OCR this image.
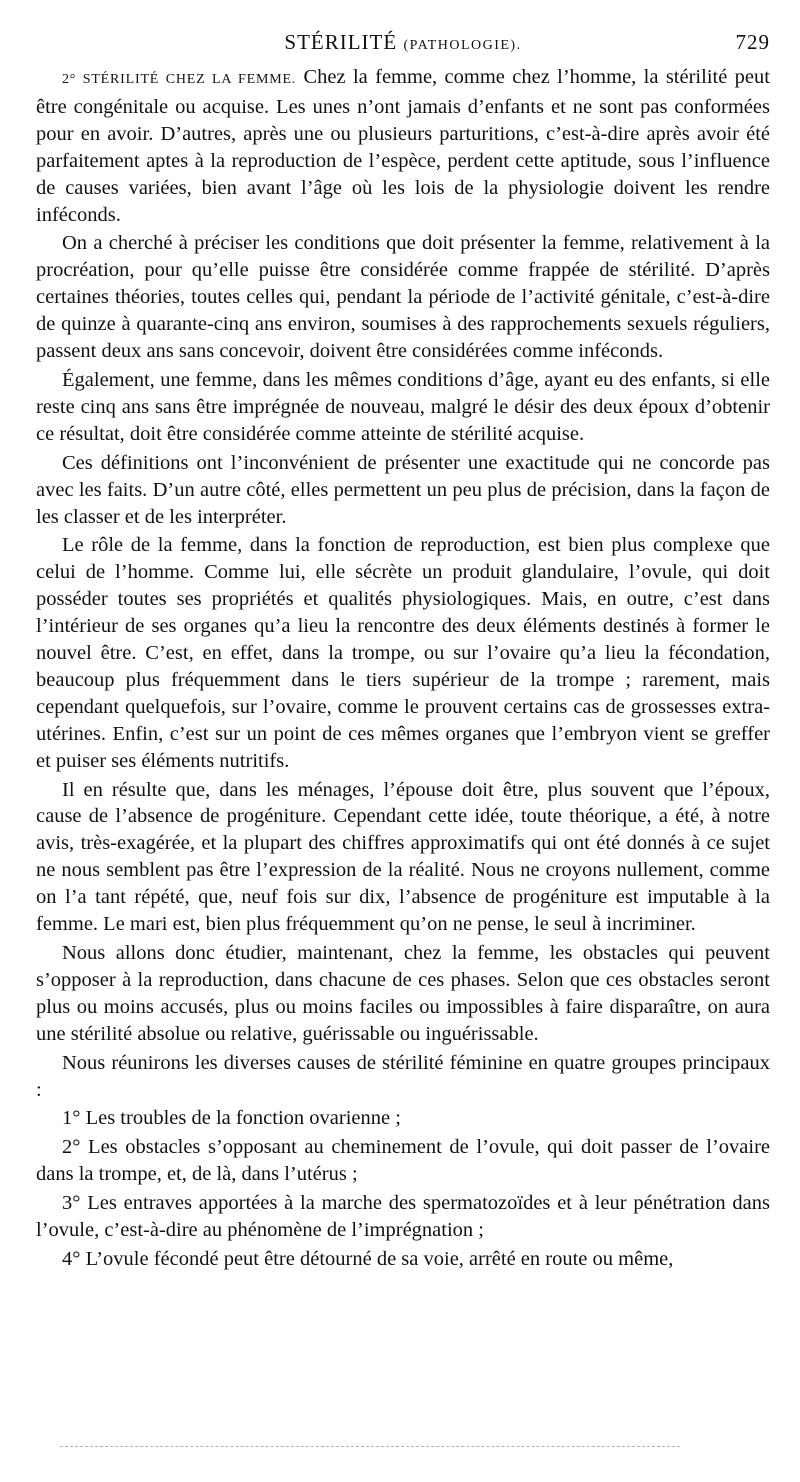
STÉRILITÉ (PATHOLOGIE).	729

2° STÉRILITÉ CHEZ LA FEMME. Chez la femme, comme chez l’homme, la stérilité peut être congénitale ou acquise. Les unes n’ont jamais d’enfants et ne sont pas conformées pour en avoir. D’autres, après une ou plusieurs parturitions, c’est-à-dire après avoir été parfaitement aptes à la reproduction de l’espèce, perdent cette aptitude, sous l’influence de causes variées, bien avant l’âge où les lois de la physiologie doivent les rendre inféconds.

On a cherché à préciser les conditions que doit présenter la femme, relativement à la procréation, pour qu’elle puisse être considérée comme frappée de stérilité. D’après certaines théories, toutes celles qui, pendant la période de l’activité génitale, c’est-à-dire de quinze à quarante-cinq ans environ, soumises à des rapprochements sexuels réguliers, passent deux ans sans concevoir, doivent être considérées comme inféconds.

Également, une femme, dans les mêmes conditions d’âge, ayant eu des enfants, si elle reste cinq ans sans être imprégnée de nouveau, malgré le désir des deux époux d’obtenir ce résultat, doit être considérée comme atteinte de stérilité acquise.

Ces définitions ont l’inconvénient de présenter une exactitude qui ne concorde pas avec les faits. D’un autre côté, elles permettent un peu plus de précision, dans la façon de les classer et de les interpréter.

Le rôle de la femme, dans la fonction de reproduction, est bien plus complexe que celui de l’homme. Comme lui, elle sécrète un produit glandulaire, l’ovule, qui doit posséder toutes ses propriétés et qualités physiologiques. Mais, en outre, c’est dans l’intérieur de ses organes qu’a lieu la rencontre des deux éléments destinés à former le nouvel être. C’est, en effet, dans la trompe, ou sur l’ovaire qu’a lieu la fécondation, beaucoup plus fréquemment dans le tiers supérieur de la trompe ; rarement, mais cependant quelquefois, sur l’ovaire, comme le prouvent certains cas de grossesses extra-utérines. Enfin, c’est sur un point de ces mêmes organes que l’embryon vient se greffer et puiser ses éléments nutritifs.

Il en résulte que, dans les ménages, l’épouse doit être, plus souvent que l’époux, cause de l’absence de progéniture. Cependant cette idée, toute théorique, a été, à notre avis, très-exagérée, et la plupart des chiffres approximatifs qui ont été donnés à ce sujet ne nous semblent pas être l’expression de la réalité. Nous ne croyons nullement, comme on l’a tant répété, que, neuf fois sur dix, l’absence de progéniture est imputable à la femme. Le mari est, bien plus fréquemment qu’on ne pense, le seul à incriminer.

Nous allons donc étudier, maintenant, chez la femme, les obstacles qui peuvent s’opposer à la reproduction, dans chacune de ces phases. Selon que ces obstacles seront plus ou moins accusés, plus ou moins faciles ou impossibles à faire disparaître, on aura une stérilité absolue ou relative, guérissable ou inguérissable.

Nous réunirons les diverses causes de stérilité féminine en quatre groupes principaux :

1° Les troubles de la fonction ovarienne ;

2° Les obstacles s’opposant au cheminement de l’ovule, qui doit passer de l’ovaire dans la trompe, et, de là, dans l’utérus ;

3° Les entraves apportées à la marche des spermatozoïdes et à leur pénétration dans l’ovule, c’est-à-dire au phénomène de l’imprégnation ;

4° L’ovule fécondé peut être détourné de sa voie, arrêté en route ou même,
